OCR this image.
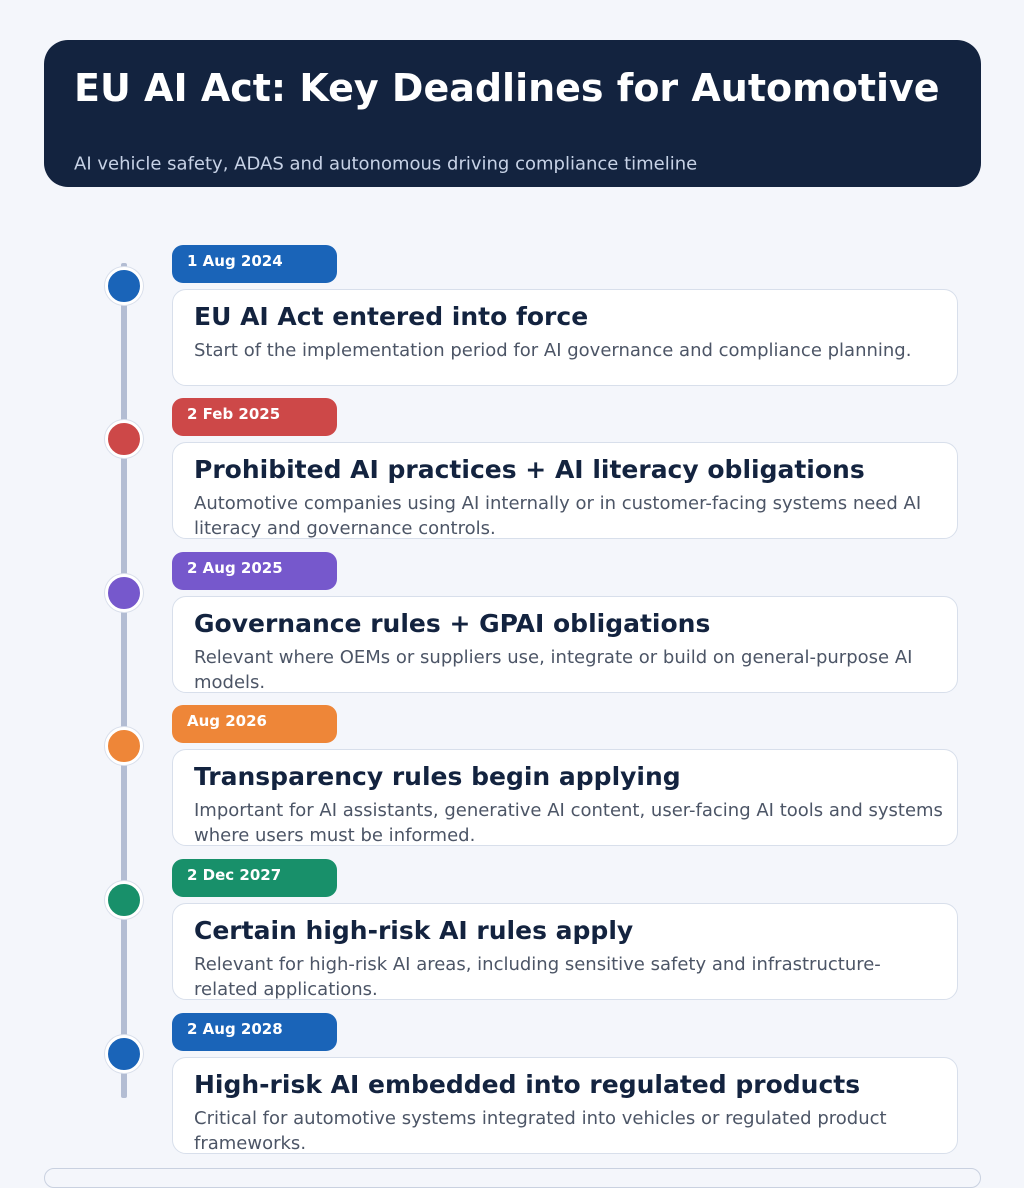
EU AI Act: Key Deadlines for Automotive

AI vehicle safety, ADAS and autonomous driving compliance timeline

1 Aug 2024
EU AI Act entered into force
Start of the implementation period for AI governance and compliance planning.
2 Feb 2025
Prohibited AI practices + AI literacy obligations
Automotive companies using AI internally or in customer-facing systems need AI literacy and governance controls.
2 Aug 2025
Governance rules + GPAI obligations
Relevant where OEMs or suppliers use, integrate or build on general-purpose AI models.
Aug 2026
Transparency rules begin applying
Important for AI assistants, generative AI content, user-facing AI tools and systems where users must be informed.
2 Dec 2027
Certain high-risk AI rules apply
Relevant for high-risk AI areas, including sensitive safety and infrastructure-related applications.
2 Aug 2028
High-risk AI embedded into regulated products
Critical for automotive systems integrated into vehicles or regulated product frameworks.
